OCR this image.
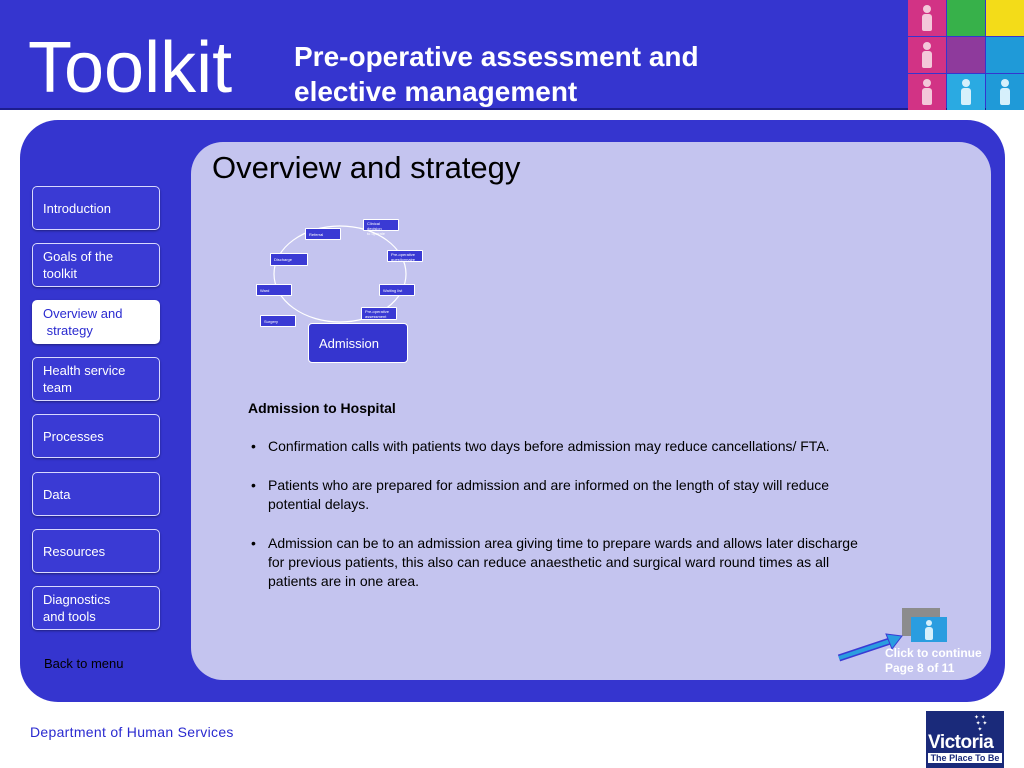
Toolkit Pre-operative assessment and
elective management
Overview and strategy
Introduction
Goals of the
toolkit
Overview and
strategy
Health service
team
Processes
Data
Resources
Diagnostics
and tools
Back to menu
Clinical decision
to operate
Pre-operative
questionnaire
Waiting list
Pre-operative
assessment
Surgery
Ward
Discharge
Referral
Admission
Admission to Hospital
• Confirmation calls with patients two days before admission may reduce cancellations/ FTA.
• Patients who are prepared for admission and are informed on the length of stay will reduce
potential delays.
• Admission can be to an admission area giving time to prepare wards and allows later discharge
for previous patients, this also can reduce anaesthetic and surgical ward round times as all
patients are in one area.
Click to continue
Page 8 of 11
Department of Human Services
✦ ✦
✦ ✦
✦
Victoria
The Place To Be
